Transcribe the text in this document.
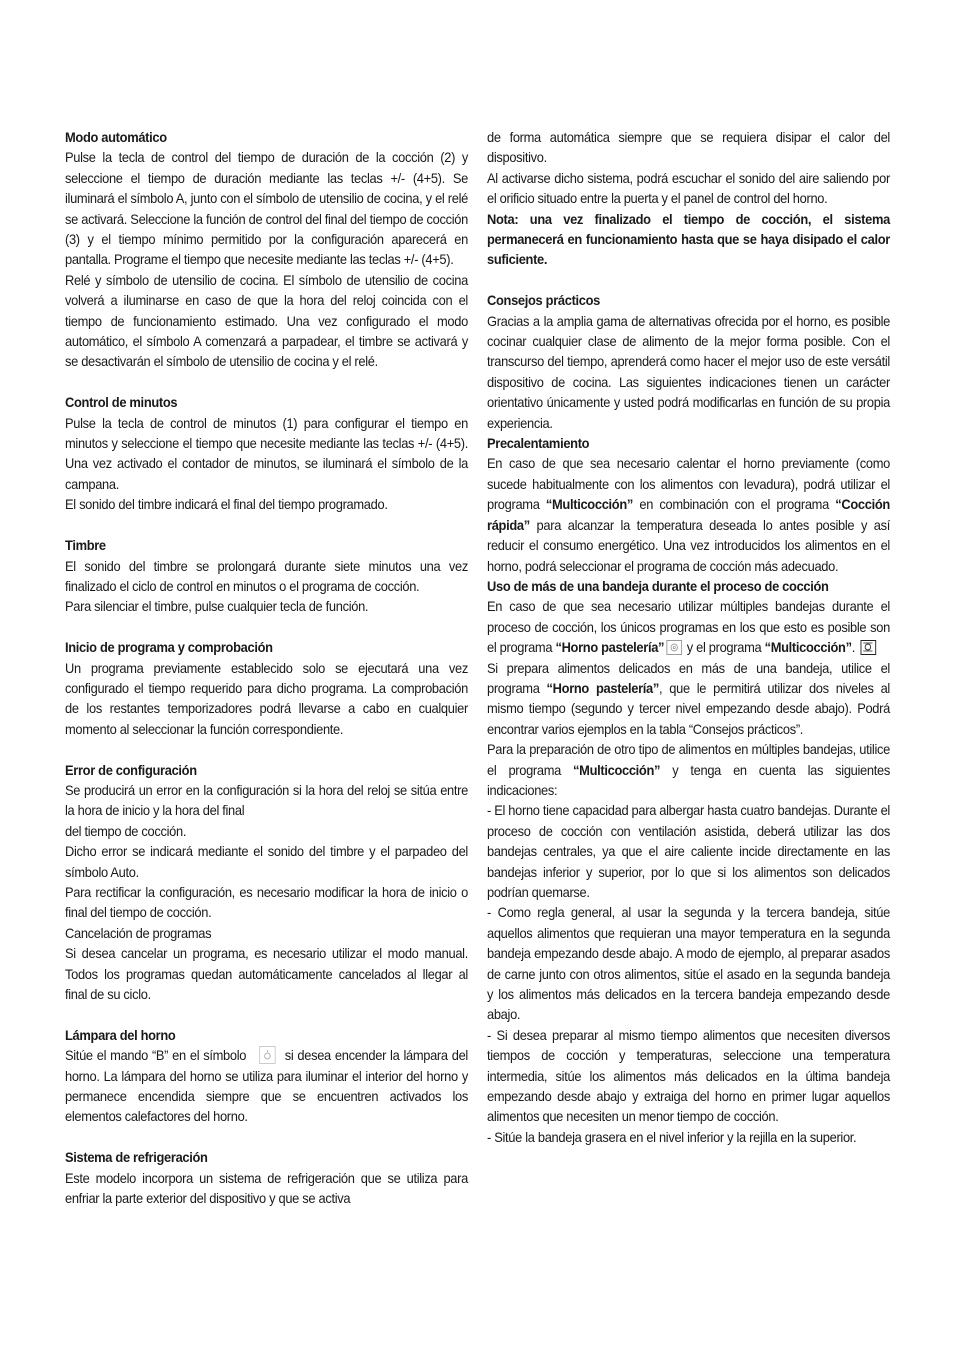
Modo automático

Pulse la tecla de control del tiempo de duración de la cocción (2) y seleccione el tiempo de duración mediante las teclas +/- (4+5). Se iluminará el símbolo A, junto con el símbolo de utensilio de cocina, y el relé se activará. Seleccione la función de control del final del tiempo de cocción (3) y el tiempo mínimo permitido por la configuración aparecerá en pantalla. Programe el tiempo que necesite mediante las teclas +/- (4+5).

Relé y símbolo de utensilio de cocina. El símbolo de utensilio de cocina volverá a iluminarse en caso de que la hora del reloj coincida con el tiempo de funcionamiento estimado. Una vez configurado el modo automático, el símbolo A comenzará a parpadear, el timbre se activará y se desactivarán el símbolo de utensilio de cocina y el relé.

Control de minutos

Pulse la tecla de control de minutos (1) para configurar el tiempo en minutos y seleccione el tiempo que necesite mediante las teclas +/- (4+5). Una vez activado el contador de minutos, se iluminará el símbolo de la campana.

El sonido del timbre indicará el final del tiempo programado.

Timbre

El sonido del timbre se prolongará durante siete minutos una vez finalizado el ciclo de control en minutos o el programa de cocción.

Para silenciar el timbre, pulse cualquier tecla de función.

Inicio de programa y comprobación

Un programa previamente establecido solo se ejecutará una vez configurado el tiempo requerido para dicho programa. La comprobación de los restantes temporizadores podrá llevarse a cabo en cualquier momento al seleccionar la función correspondiente.

Error de configuración

Se producirá un error en la configuración si la hora del reloj se sitúa entre la hora de inicio y la hora del final

del tiempo de cocción.

Dicho error se indicará mediante el sonido del timbre y el parpadeo del símbolo Auto.

Para rectificar la configuración, es necesario modificar la hora de inicio o final del tiempo de cocción.

Cancelación de programas

Si desea cancelar un programa, es necesario utilizar el modo manual. Todos los programas quedan automáticamente cancelados al llegar al final de su ciclo.

Lámpara del horno

Sitúe el mando “B” en el símbolo	si desea encender la lámpara del horno. La lámpara del horno se utiliza para iluminar el interior del horno y permanece encendida siempre que se encuentren activados los elementos calefactores del horno.

Sistema de refrigeración

Este modelo incorpora un sistema de refrigeración que se utiliza para enfriar la parte exterior del dispositivo y que se activa

de forma automática siempre que se requiera disipar el calor del dispositivo.

Al activarse dicho sistema, podrá escuchar el sonido del aire saliendo por el orificio situado entre la puerta y el panel de control del horno.

Nota: una vez finalizado el tiempo de cocción, el sistema permanecerá en funcionamiento hasta que se haya disipado el calor suficiente.

Consejos prácticos

Gracias a la amplia gama de alternativas ofrecida por el horno, es posible cocinar cualquier clase de alimento de la mejor forma posible. Con el transcurso del tiempo, aprenderá como hacer el mejor uso de este versátil dispositivo de cocina. Las siguientes indicaciones tienen un carácter orientativo únicamente y usted podrá modificarlas en función de su propia experiencia.

Precalentamiento

En caso de que sea necesario calentar el horno previamente (como sucede habitualmente con los alimentos con levadura), podrá utilizar el programa “Multicocción” en combinación con el programa “Cocción rápida” para alcanzar la temperatura deseada lo antes posible y así reducir el consumo energético. Una vez introducidos los alimentos en el horno, podrá seleccionar el programa de cocción más adecuado.

Uso de más de una bandeja durante el proceso de cocción

En caso de que sea necesario utilizar múltiples bandejas durante el proceso de cocción, los únicos programas en los que esto es posible son el programa “Horno pastelería” y el programa “Multicocción”.

Si prepara alimentos delicados en más de una bandeja, utilice el programa “Horno pastelería”, que le permitirá utilizar dos niveles al mismo tiempo (segundo y tercer nivel empezando desde abajo). Podrá encontrar varios ejemplos en la tabla “Consejos prácticos”.

Para la preparación de otro tipo de alimentos en múltiples bandejas, utilice el programa “Multicocción” y tenga en cuenta las siguientes indicaciones:

- El horno tiene capacidad para albergar hasta cuatro bandejas. Durante el proceso de cocción con ventilación asistida, deberá utilizar las dos bandejas centrales, ya que el aire caliente incide directamente en las bandejas inferior y superior, por lo que si los alimentos son delicados podrían quemarse.

- Como regla general, al usar la segunda y la tercera bandeja, sitúe aquellos alimentos que requieran una mayor temperatura en la segunda bandeja empezando desde abajo. A modo de ejemplo, al preparar asados de carne junto con otros alimentos, sitúe el asado en la segunda bandeja y los alimentos más delicados en la tercera bandeja empezando desde abajo.

- Si desea preparar al mismo tiempo alimentos que necesiten diversos tiempos de cocción y temperaturas, seleccione una temperatura intermedia, sitúe los alimentos más delicados en la última bandeja empezando desde abajo y extraiga del horno en primer lugar aquellos alimentos que necesiten un menor tiempo de cocción.

- Sitúe la bandeja grasera en el nivel inferior y la rejilla en la superior.
